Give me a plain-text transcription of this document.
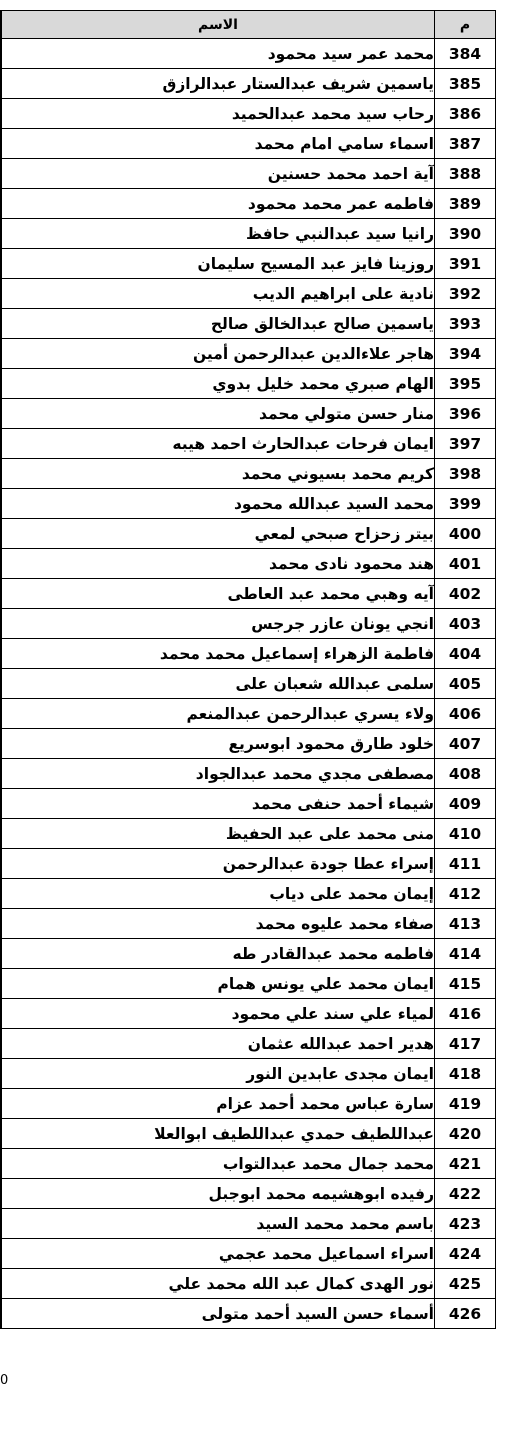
	الاسم	م
	محمد عمر سيد محمود	384
	ياسمين شريف عبدالستار عبدالرازق	385
	رحاب سيد محمد عبدالحميد	386
	اسماء سامي امام محمد	387
	آية احمد محمد حسنين	388
	فاطمه عمر محمد محمود	389
	رانيا سيد عبدالنبي حافظ	390
	روزينا فايز عبد المسيح سليمان	391
	نادية على ابراهيم الديب	392
	ياسمين صالح عبدالخالق صالح	393
	هاجر علاءالدين عبدالرحمن أمين	394
	الهام صبري محمد خليل بدوي	395
	منار حسن متولي محمد	396
	ايمان فرحات عبدالحارث احمد هيبه	397
	كريم محمد بسيوني محمد	398
	محمد السيد عبدالله محمود	399
	بيتر زحزاح صبحي لمعي	400
	هند محمود نادى محمد	401
	آيه وهبي محمد عبد العاطى	402
	انجي يونان عازر جرجس	403
	فاطمة الزهراء إسماعيل محمد محمد	404
	سلمى عبدالله شعبان على	405
	ولاء يسري عبدالرحمن عبدالمنعم	406
	خلود طارق محمود ابوسريع	407
	مصطفى مجدي محمد عبدالجواد	408
	شيماء أحمد حنفى محمد	409
	منى محمد على عبد الحفيظ	410
	إسراء عطا جودة عبدالرحمن	411
	إيمان محمد على دياب	412
	صفاء محمد عليوه محمد	413
	فاطمه محمد عبدالقادر طه	414
	ايمان محمد علي يونس همام	415
	لمياء علي سند علي محمود	416
	هدير احمد عبدالله عثمان	417
	ايمان مجدى عابدين النور	418
	سارة عباس محمد أحمد عزام	419
	عبداللطيف حمدي عبداللطيف ابوالعلا	420
	محمد جمال محمد عبدالتواب	421
	رفيده ابوهشيمه محمد ابوجبل	422
	باسم محمد محمد السيد	423
	اسراء اسماعيل محمد عجمي	424
	نور الهدى كمال عبد الله محمد علي	425
	أسماء حسن السيد أحمد متولى	426
0
